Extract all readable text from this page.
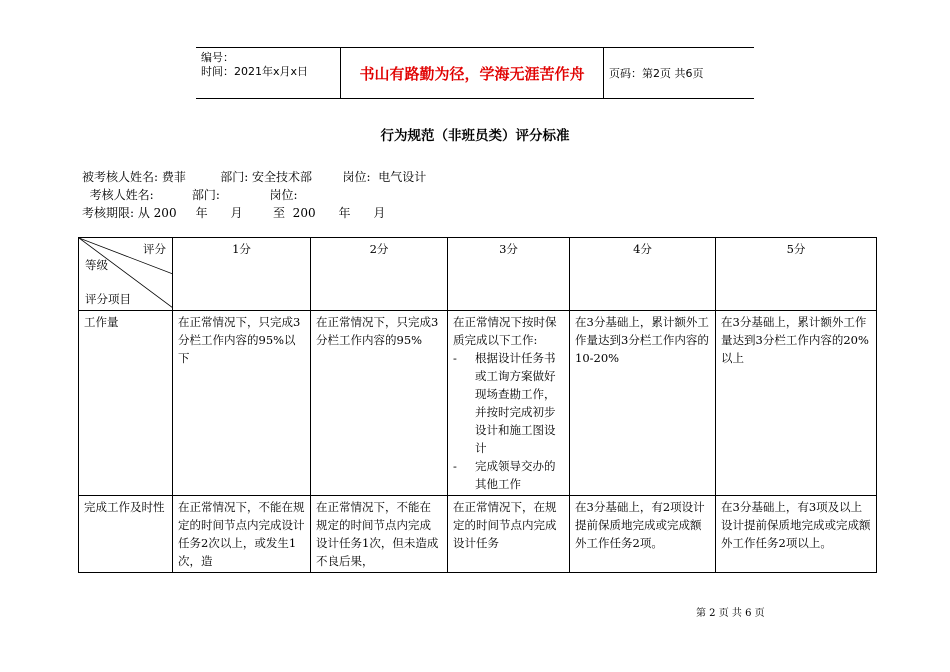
编号：
时间：2021年x月x日	书山有路勤为径，学海无涯苦作舟	页码：第2页 共6页
行为规范（非班员类）评分标准
被考核人姓名: 费菲         部门: 安全技术部        岗位:  电气设计
考核人姓名:          部门:             岗位:
考核期限: 从 200     年      月        至  200      年      月
评分
等级
评分项目	1分	2分	3分	4分	5分
工作量	在正常情况下，只完成3分栏工作内容的95%以下	在正常情况下，只完成3分栏工作内容的95%	在正常情况下按时保质完成以下工作:
- 根据设计任务书或工询方案做好现场查勘工作，并按时完成初步设计和施工图设计
- 完成领导交办的其他工作	在3分基础上，累计额外工作量达到3分栏工作内容的10-20%	在3分基础上，累计额外工作量达到3分栏工作内容的20%以上
完成工作及时性	在正常情况下，不能在规定的时间节点内完成设计任务2次以上，或发生1次，造	在正常情况下，不能在规定的时间节点内完成设计任务1次，但未造成不良后果，	在正常情况下，在规定的时间节点内完成设计任务	在3分基础上，有2项设计提前保质地完成或完成额外工作任务2项。	在3分基础上，有3项及以上设计提前保质地完成或完成额外工作任务2项以上。
第 2 页 共 6 页
